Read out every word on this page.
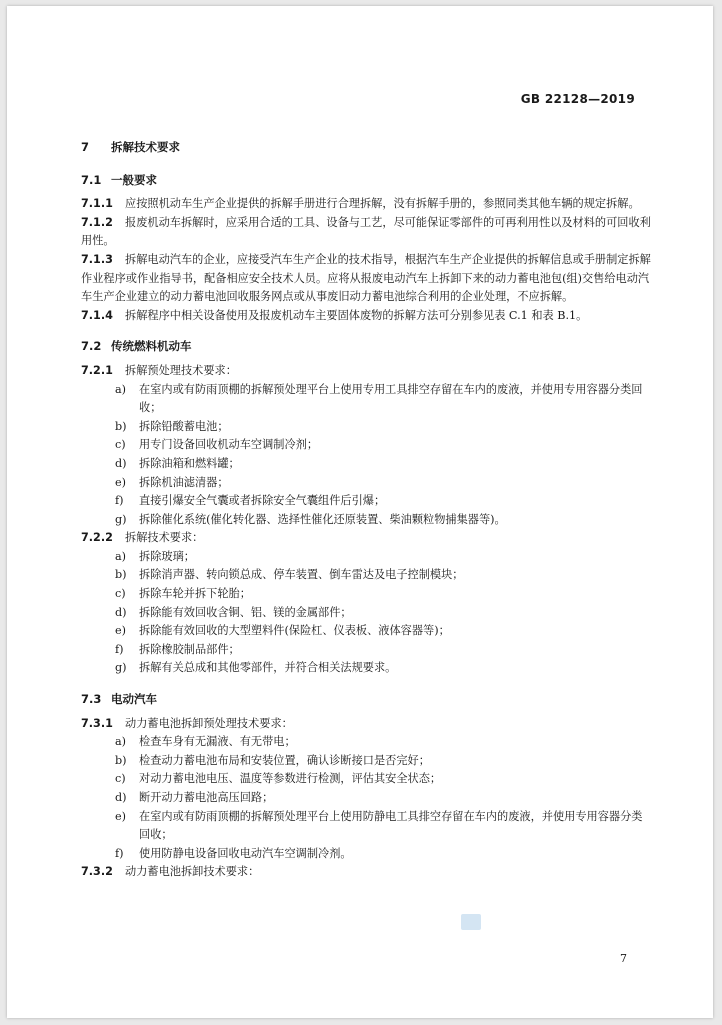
GB 22128—2019
7 拆解技术要求
7.1 一般要求

7.1.1 应按照机动车生产企业提供的拆解手册进行合理拆解，没有拆解手册的，参照同类其他车辆的规定拆解。

7.1.2 报废机动车拆解时，应采用合适的工具、设备与工艺，尽可能保证零部件的可再利用性以及材料的可回收利用性。

7.1.3 拆解电动汽车的企业，应接受汽车生产企业的技术指导，根据汽车生产企业提供的拆解信息或手册制定拆解作业程序或作业指导书，配备相应安全技术人员。应将从报废电动汽车上拆卸下来的动力蓄电池包(组)交售给电动汽车生产企业建立的动力蓄电池回收服务网点或从事废旧动力蓄电池综合利用的企业处理，不应拆解。

7.1.4 拆解程序中相关设备使用及报废机动车主要固体废物的拆解方法可分别参见表 C.1 和表 B.1。

7.2 传统燃料机动车

7.2.1 拆解预处理技术要求：

a) 在室内或有防雨顶棚的拆解预处理平台上使用专用工具排空存留在车内的废液，并使用专用容器分类回收；
b) 拆除铅酸蓄电池；
c) 用专门设备回收机动车空调制冷剂；
d) 拆除油箱和燃料罐；
e) 拆除机油滤清器；
f) 直接引爆安全气囊或者拆除安全气囊组件后引爆；
g) 拆除催化系统(催化转化器、选择性催化还原装置、柴油颗粒物捕集器等)。

7.2.2 拆解技术要求：

a) 拆除玻璃；
b) 拆除消声器、转向锁总成、停车装置、倒车雷达及电子控制模块；
c) 拆除车轮并拆下轮胎；
d) 拆除能有效回收含铜、铝、镁的金属部件；
e) 拆除能有效回收的大型塑料件(保险杠、仪表板、液体容器等)；
f) 拆除橡胶制品部件；
g) 拆解有关总成和其他零部件，并符合相关法规要求。
7.3 电动汽车

7.3.1 动力蓄电池拆卸预处理技术要求：

a) 检查车身有无漏液、有无带电；
b) 检查动力蓄电池布局和安装位置，确认诊断接口是否完好；
c) 对动力蓄电池电压、温度等参数进行检测，评估其安全状态；
d) 断开动力蓄电池高压回路；
e) 在室内或有防雨顶棚的拆解预处理平台上使用防静电工具排空存留在车内的废液，并使用专用容器分类回收；
f) 使用防静电设备回收电动汽车空调制冷剂。

7.3.2 动力蓄电池拆卸技术要求：

7
